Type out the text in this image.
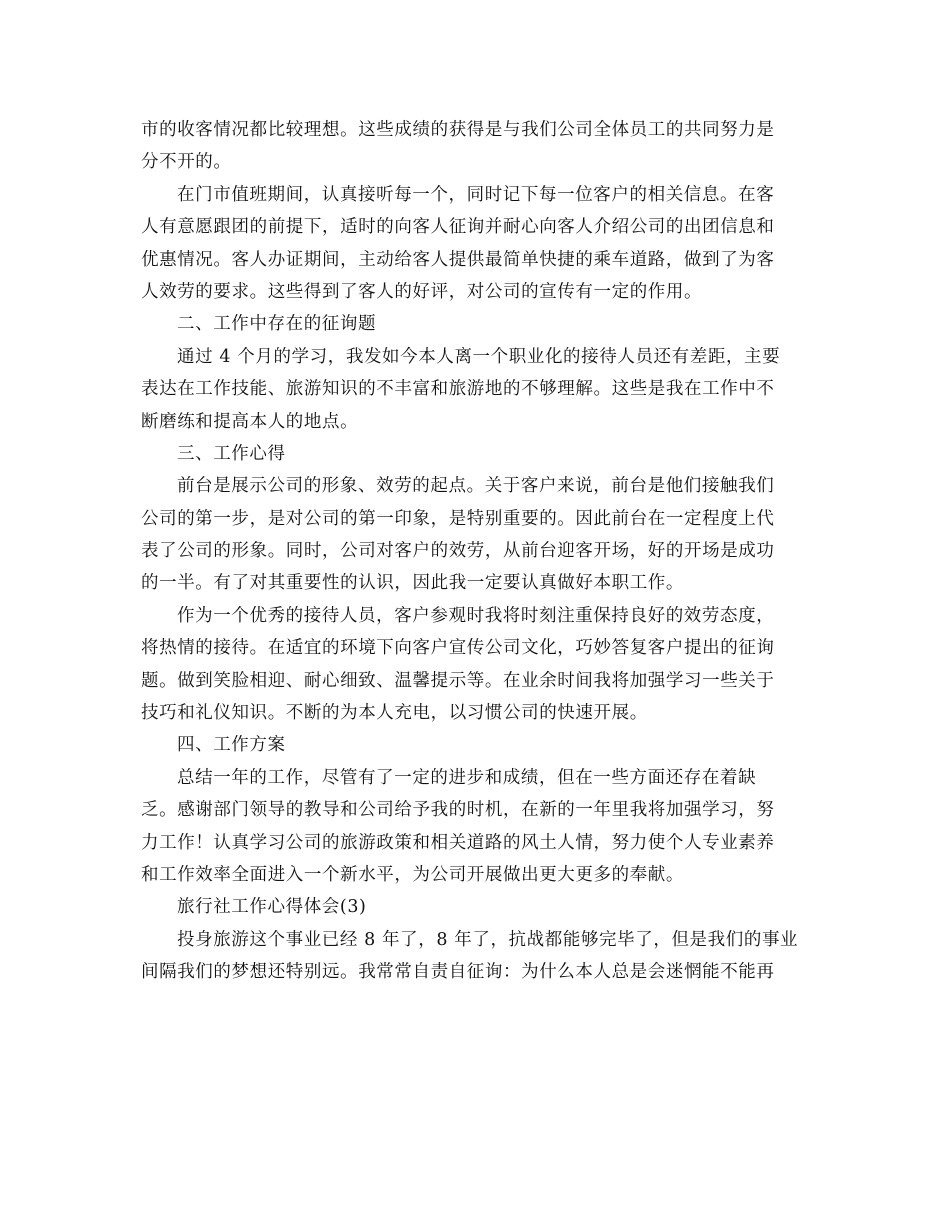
市的收客情况都比较理想。这些成绩的获得是与我们公司全体员工的共同努力是
分不开的。
在门市值班期间，认真接听每一个，同时记下每一位客户的相关信息。在客
人有意愿跟团的前提下，适时的向客人征询并耐心向客人介绍公司的出团信息和
优惠情况。客人办证期间，主动给客人提供最简单快捷的乘车道路，做到了为客
人效劳的要求。这些得到了客人的好评，对公司的宣传有一定的作用。
二、工作中存在的征询题
通过 4 个月的学习，我发如今本人离一个职业化的接待人员还有差距，主要
表达在工作技能、旅游知识的不丰富和旅游地的不够理解。这些是我在工作中不
断磨练和提高本人的地点。
三、工作心得
前台是展示公司的形象、效劳的起点。关于客户来说，前台是他们接触我们
公司的第一步，是对公司的第一印象，是特别重要的。因此前台在一定程度上代
表了公司的形象。同时，公司对客户的效劳，从前台迎客开场，好的开场是成功
的一半。有了对其重要性的认识，因此我一定要认真做好本职工作。
作为一个优秀的接待人员，客户参观时我将时刻注重保持良好的效劳态度，
将热情的接待。在适宜的环境下向客户宣传公司文化，巧妙答复客户提出的征询
题。做到笑脸相迎、耐心细致、温馨提示等。在业余时间我将加强学习一些关于
技巧和礼仪知识。不断的为本人充电，以习惯公司的快速开展。
四、工作方案
总结一年的工作，尽管有了一定的进步和成绩，但在一些方面还存在着缺
乏。感谢部门领导的教导和公司给予我的时机，在新的一年里我将加强学习，努
力工作！认真学习公司的旅游政策和相关道路的风土人情，努力使个人专业素养
和工作效率全面进入一个新水平，为公司开展做出更大更多的奉献。
旅行社工作心得体会(3)
投身旅游这个事业已经 8 年了，8 年了，抗战都能够完毕了，但是我们的事业
间隔我们的梦想还特别远。我常常自责自征询：为什么本人总是会迷惘能不能再
